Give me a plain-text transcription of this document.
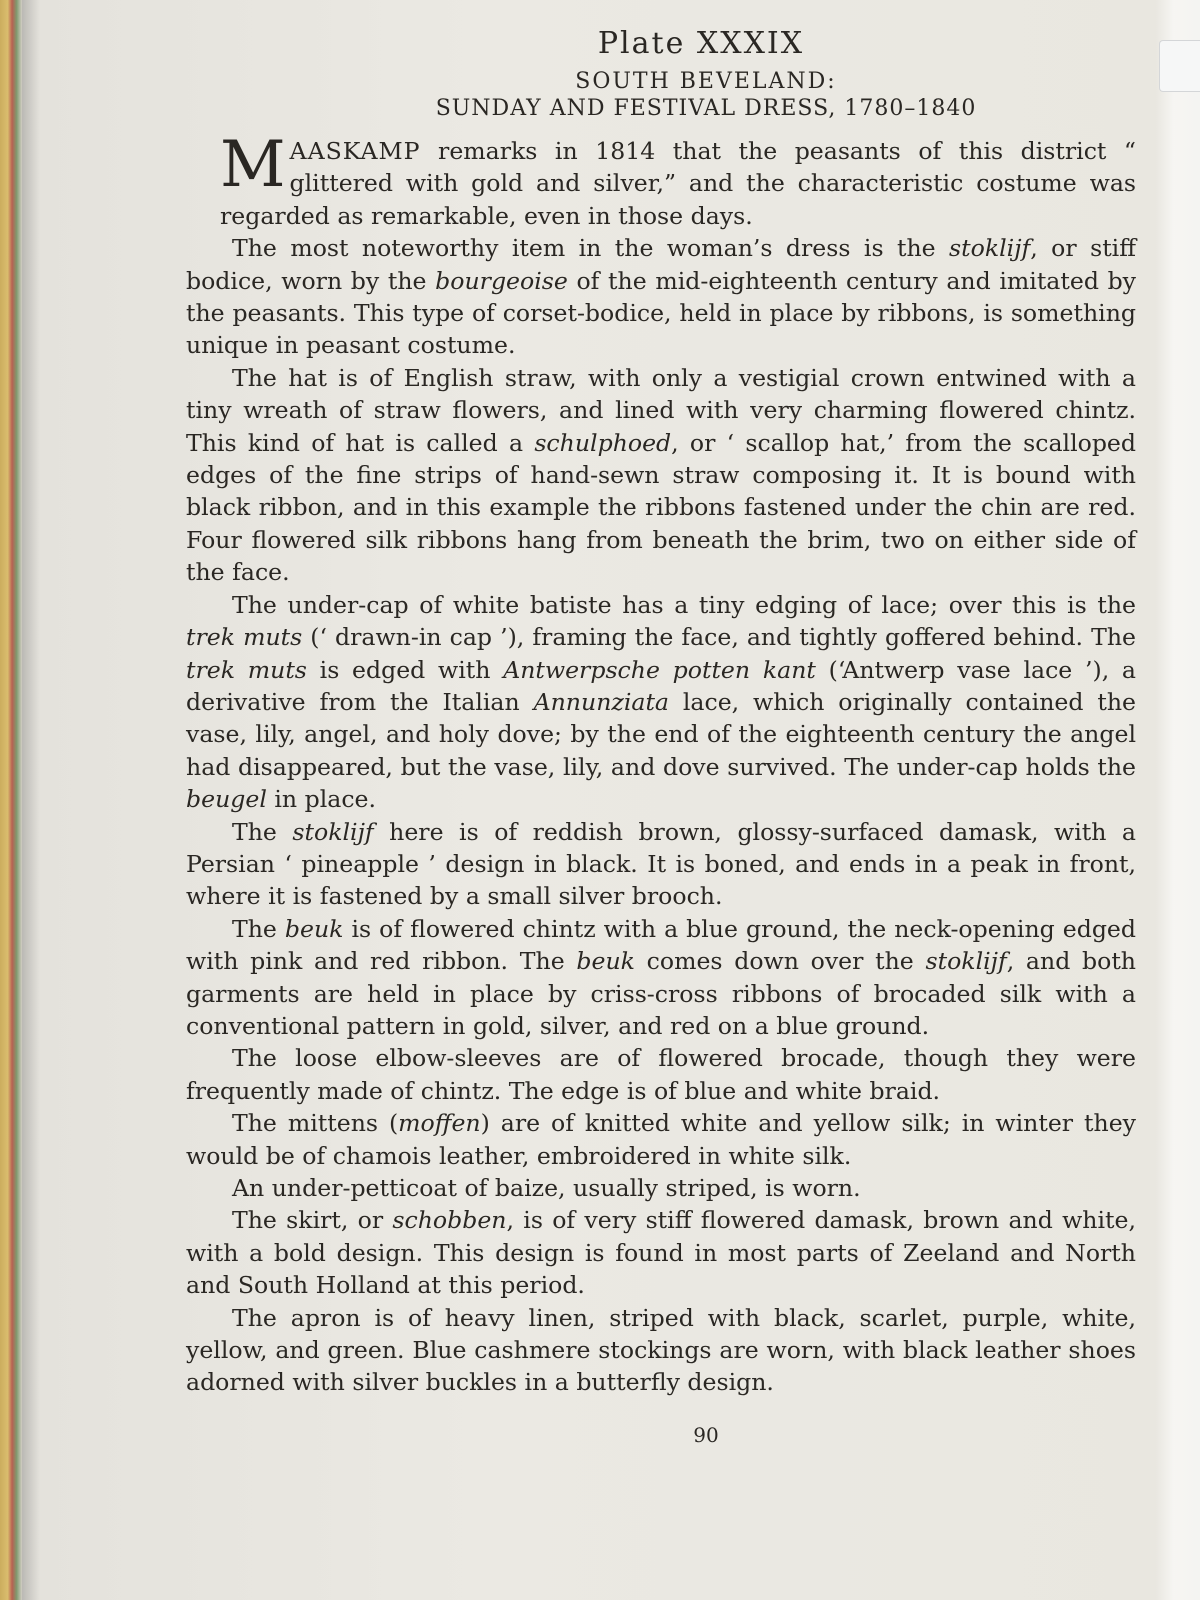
Plate XXXIX
SOUTH BEVELAND:
SUNDAY AND FESTIVAL DRESS, 1780–1840

MAASKAMP remarks in 1814 that the peasants of this district “ glittered with gold and silver,” and the characteristic costume was regarded as remarkable, even in those days.

The most noteworthy item in the woman’s dress is the stoklijf, or stiff bodice, worn by the bourgeoise of the mid-eighteenth century and imitated by the peasants. This type of corset-bodice, held in place by ribbons, is something unique in peasant costume.

The hat is of English straw, with only a vestigial crown entwined with a tiny wreath of straw flowers, and lined with very charming flowered chintz. This kind of hat is called a schulphoed, or ‘ scallop hat,’ from the scalloped edges of the fine strips of hand-sewn straw composing it. It is bound with black ribbon, and in this example the ribbons fastened under the chin are red. Four flowered silk ribbons hang from beneath the brim, two on either side of the face.

The under-cap of white batiste has a tiny edging of lace; over this is the trek muts (‘ drawn-in cap ’), framing the face, and tightly goffered behind. The trek muts is edged with Antwerpsche potten kant (‘Antwerp vase lace ’), a derivative from the Italian Annunziata lace, which originally contained the vase, lily, angel, and holy dove; by the end of the eighteenth century the angel had disappeared, but the vase, lily, and dove survived. The under-cap holds the beugel in place.

The stoklijf here is of reddish brown, glossy-surfaced damask, with a Persian ‘ pineapple ’ design in black. It is boned, and ends in a peak in front, where it is fastened by a small silver brooch.

The beuk is of flowered chintz with a blue ground, the neck-opening edged with pink and red ribbon. The beuk comes down over the stoklijf, and both garments are held in place by criss-cross ribbons of brocaded silk with a conventional pattern in gold, silver, and red on a blue ground.

The loose elbow-sleeves are of flowered brocade, though they were frequently made of chintz. The edge is of blue and white braid.

The mittens (moffen) are of knitted white and yellow silk; in winter they would be of chamois leather, embroidered in white silk.

An under-petticoat of baize, usually striped, is worn.

The skirt, or schobben, is of very stiff flowered damask, brown and white, with a bold design. This design is found in most parts of Zeeland and North and South Holland at this period.

The apron is of heavy linen, striped with black, scarlet, purple, white, yellow, and green. Blue cashmere stockings are worn, with black leather shoes adorned with silver buckles in a butterfly design.

90
